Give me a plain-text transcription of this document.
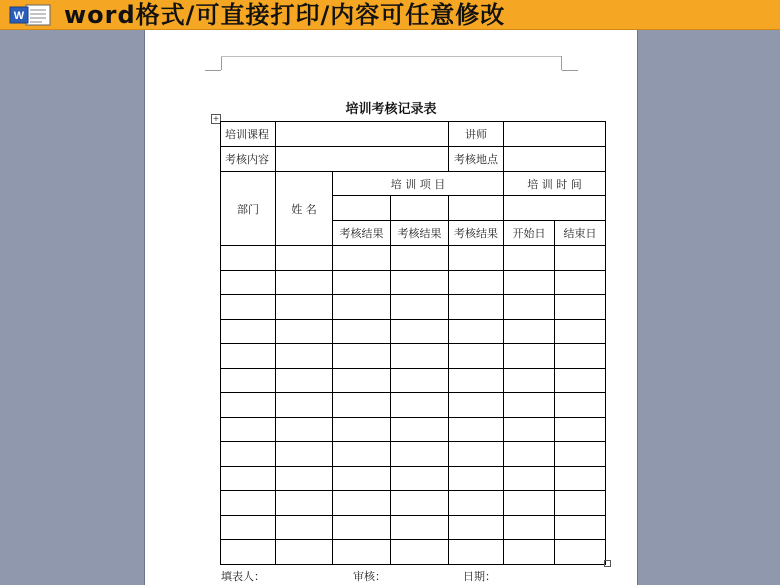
W word格式/可直接打印/内容可任意修改
培训考核记录表
+
培训课程				讲师		
考核内容				考核地点		
部门	姓 名	培 训 项 目			培 训 时 间	

		考核结果	考核结果	考核结果	开始日	结束日

填表人：	审核：	日期：
